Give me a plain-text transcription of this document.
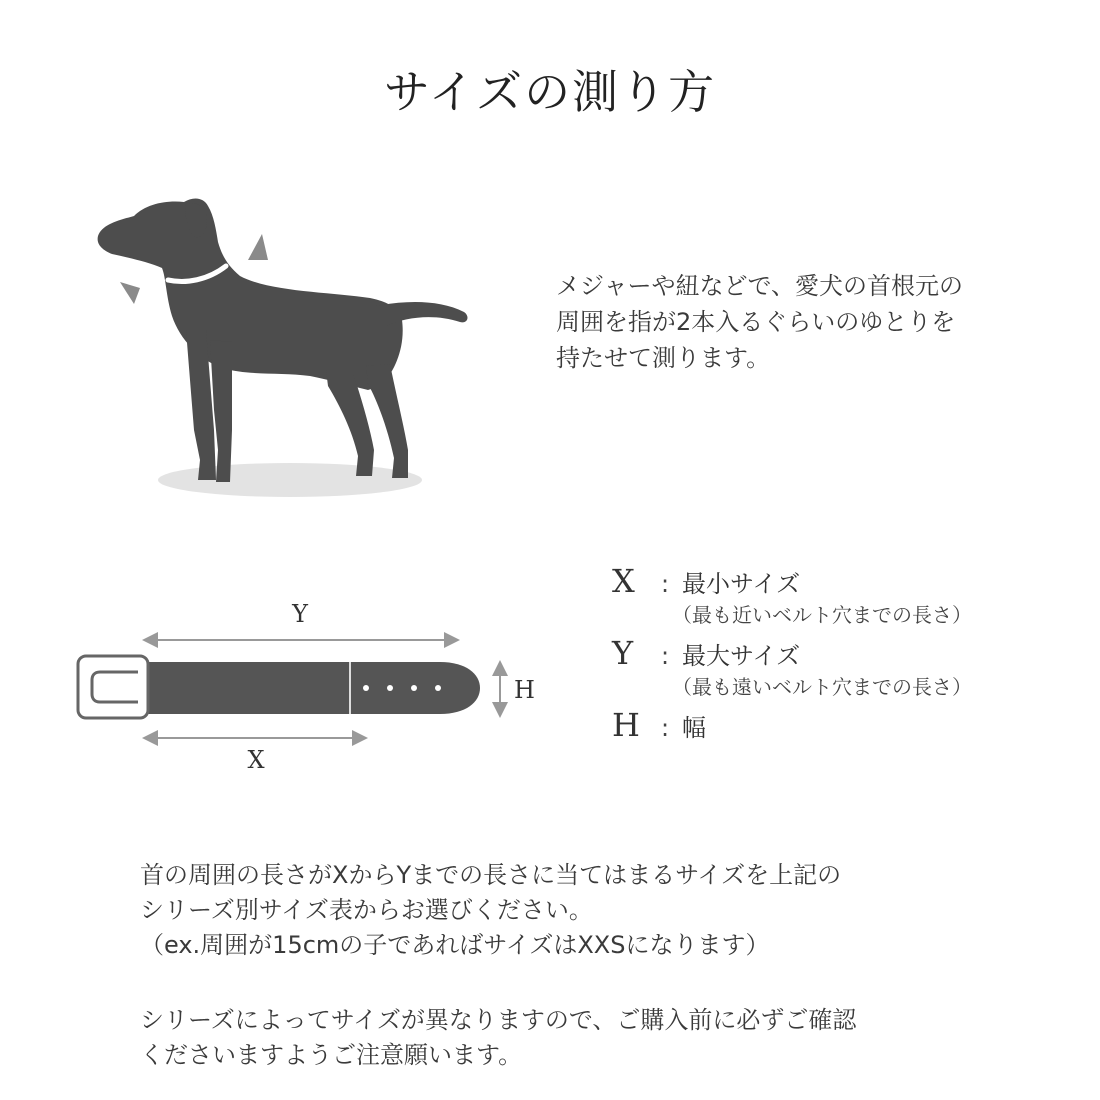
サイズの測り方
メジャーや紐などで、愛犬の首根元の
周囲を指が2本入るぐらいのゆとりを
持たせて測ります。
Y
H
X
X	: 最小サイズ
（最も近いベルト穴までの長さ）
Y	: 最大サイズ
（最も遠いベルト穴までの長さ）
H : 幅
首の周囲の長さがXからYまでの長さに当てはまるサイズを上記の
シリーズ別サイズ表からお選びください。
（ex.周囲が15cmの子であればサイズはXXSになります）
シリーズによってサイズが異なりますので、ご購入前に必ずご確認
くださいますようご注意願います。
